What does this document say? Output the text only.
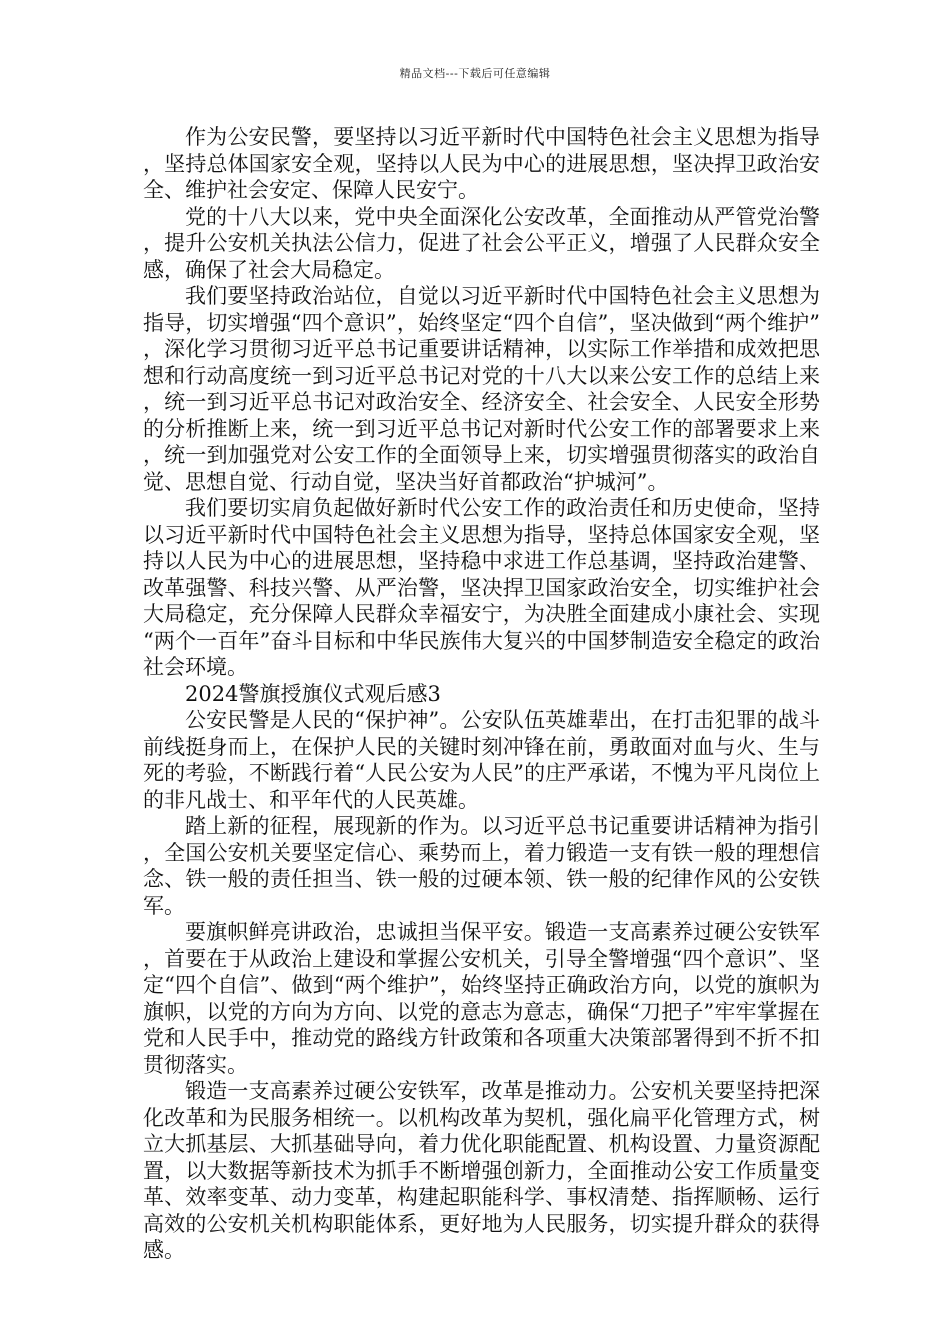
精品文档---下载后可任意编辑

作为公安民警，要坚持以习近平新时代中国特色社会主义思想为指导，坚持总体国家安全观，坚持以人民为中心的进展思想，坚决捍卫政治安全、维护社会安定、保障人民安宁。

党的十八大以来，党中央全面深化公安改革，全面推动从严管党治警，提升公安机关执法公信力，促进了社会公平正义，增强了人民群众安全感，确保了社会大局稳定。

我们要坚持政治站位，自觉以习近平新时代中国特色社会主义思想为指导，切实增强“四个意识”，始终坚定“四个自信”，坚决做到“两个维护”，深化学习贯彻习近平总书记重要讲话精神，以实际工作举措和成效把思想和行动高度统一到习近平总书记对党的十八大以来公安工作的总结上来，统一到习近平总书记对政治安全、经济安全、社会安全、人民安全形势的分析推断上来，统一到习近平总书记对新时代公安工作的部署要求上来，统一到加强党对公安工作的全面领导上来，切实增强贯彻落实的政治自觉、思想自觉、行动自觉，坚决当好首都政治“护城河”。

我们要切实肩负起做好新时代公安工作的政治责任和历史使命，坚持以习近平新时代中国特色社会主义思想为指导，坚持总体国家安全观，坚持以人民为中心的进展思想，坚持稳中求进工作总基调，坚持政治建警、改革强警、科技兴警、从严治警，坚决捍卫国家政治安全，切实维护社会大局稳定，充分保障人民群众幸福安宁，为决胜全面建成小康社会、实现“两个一百年”奋斗目标和中华民族伟大复兴的中国梦制造安全稳定的政治社会环境。

2024警旗授旗仪式观后感3

公安民警是人民的“保护神”。公安队伍英雄辈出，在打击犯罪的战斗前线挺身而上，在保护人民的关键时刻冲锋在前，勇敢面对血与火、生与死的考验，不断践行着“人民公安为人民”的庄严承诺，不愧为平凡岗位上的非凡战士、和平年代的人民英雄。

踏上新的征程，展现新的作为。以习近平总书记重要讲话精神为指引，全国公安机关要坚定信心、乘势而上，着力锻造一支有铁一般的理想信念、铁一般的责任担当、铁一般的过硬本领、铁一般的纪律作风的公安铁军。

要旗帜鲜亮讲政治，忠诚担当保平安。锻造一支高素养过硬公安铁军，首要在于从政治上建设和掌握公安机关，引导全警增强“四个意识”、坚定“四个自信”、做到“两个维护”，始终坚持正确政治方向，以党的旗帜为旗帜，以党的方向为方向、以党的意志为意志，确保“刀把子”牢牢掌握在党和人民手中，推动党的路线方针政策和各项重大决策部署得到不折不扣贯彻落实。

锻造一支高素养过硬公安铁军，改革是推动力。公安机关要坚持把深化改革和为民服务相统一。以机构改革为契机，强化扁平化管理方式，树立大抓基层、大抓基础导向，着力优化职能配置、机构设置、力量资源配置，以大数据等新技术为抓手不断增强创新力，全面推动公安工作质量变革、效率变革、动力变革，构建起职能科学、事权清楚、指挥顺畅、运行高效的公安机关机构职能体系，更好地为人民服务，切实提升群众的获得感。
